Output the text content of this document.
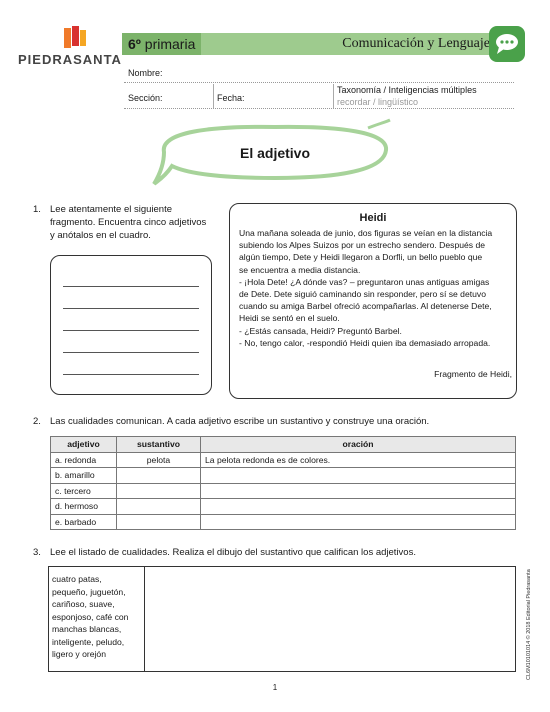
PIEDRASANTA
6º primaria	Comunicación y Lenguaje
Nombre:
Sección:	Fecha:
Taxonomía / Inteligencias múltiples
recordar / lingüístico
El adjetivo
1. Lee atentamente el siguiente fragmento. Encuentra cinco adjetivos y anótalos en el cuadro.
Heidi
Una mañana soleada de junio, dos figuras se veían en la distancia
subiendo los Alpes Suizos por un estrecho sendero. Después de
algún tiempo, Dete y Heidi llegaron a Dorfli, un bello pueblo que
se encuentra a media distancia.
- ¡Hola Dete! ¿A dónde vas? – preguntaron unas antiguas amigas
de Dete. Dete siguió caminando sin responder, pero sí se detuvo
cuando su amiga Barbel ofreció acompañarlas. Al detenerse Dete,
Heidi se sentó en el suelo.
- ¿Estás cansada, Heidi? Preguntó Barbel.
- No, tengo calor, -respondió Heidi quien iba demasiado arropada.
Fragmento de Heidi,
2. Las cualidades comunican. A cada adjetivo escribe un sustantivo y construye una oración.
adjetivo	sustantivo	oración
a. redonda	pelota	La pelota redonda es de colores.
b. amarillo		
c. tercero		
d. hermoso		
e. barbado		
3. Lee el listado de cualidades. Realiza el dibujo del sustantivo que califican los adjetivos.
cuatro patas,
pequeño, juguetón,
cariñoso, suave,
esponjoso, café con
manchas blancas,
inteligente, peludo,
ligero y orejón
1
CL6M10101014 © 2018 Editorial Piedrasanta
